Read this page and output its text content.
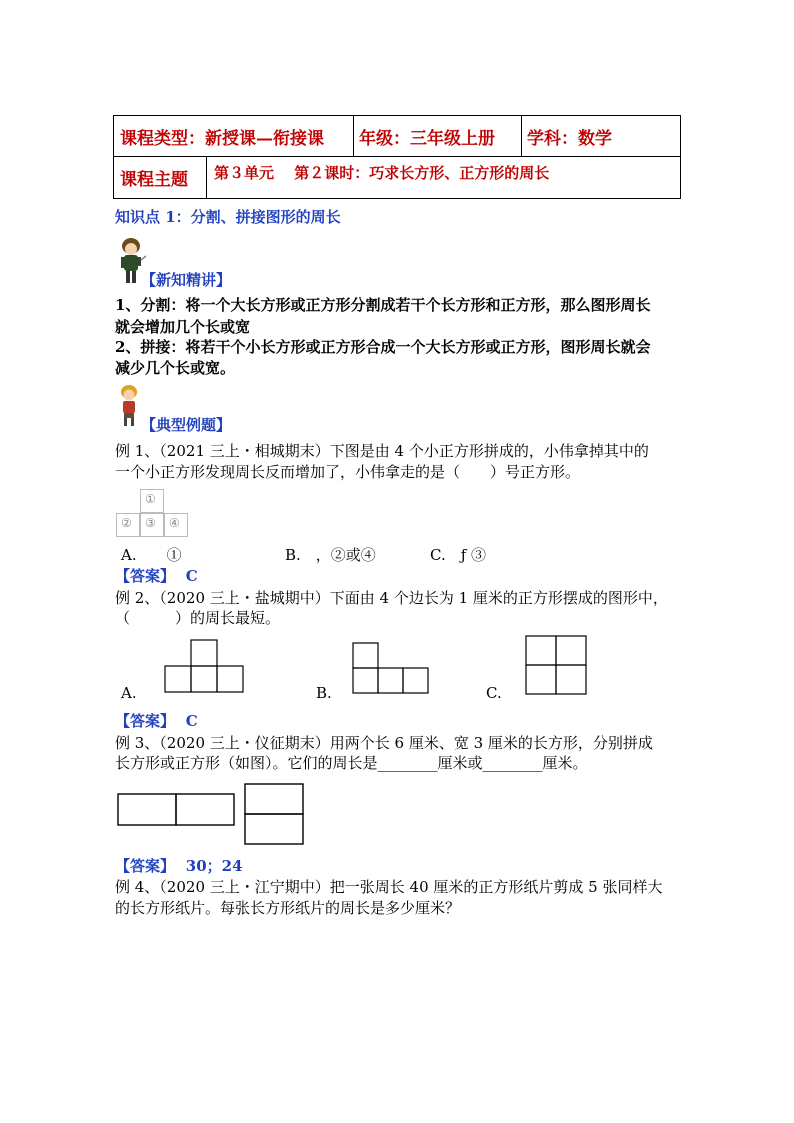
课程类型：新授课—衔接课 年级：三年级上册 学科：数学
课程主题 第３单元　 第２课时：巧求长方形、正方形的周长
知识点 1：分割、拼接图形的周长
【新知精讲】
1、分割：将一个大长方形或正方形分割成若干个长方形和正方形，那么图形周长
就会增加几个长或宽
2、拼接：将若干个小长方形或正方形合成一个大长方形或正方形，图形周长就会
减少几个长或宽。
【典型例题】
例 1、（2021 三上・相城期末）下图是由 4 个小正方形拼成的，小伟拿掉其中的
一个小正方形发现周长反而增加了，小伟拿走的是（　　）号正方形。
①
② ③ ④
A.　　①	B.　，②或④	C.　ƒ ③
【答案】 C
例 2、（2020 三上・盐城期中）下面由 4 个边长为 1 厘米的正方形摆成的图形中，
（　　　）的周长最短。
A.	B.	C.
【答案】 C
例 3、（2020 三上・仪征期末）用两个长 6 厘米、宽 3 厘米的长方形，分别拼成
长方形或正方形（如图）。它们的周长是________厘米或________厘米。
【答案】 30；24
例 4、（2020 三上・江宁期中）把一张周长 40 厘米的正方形纸片剪成 5 张同样大
的长方形纸片。每张长方形纸片的周长是多少厘米？
